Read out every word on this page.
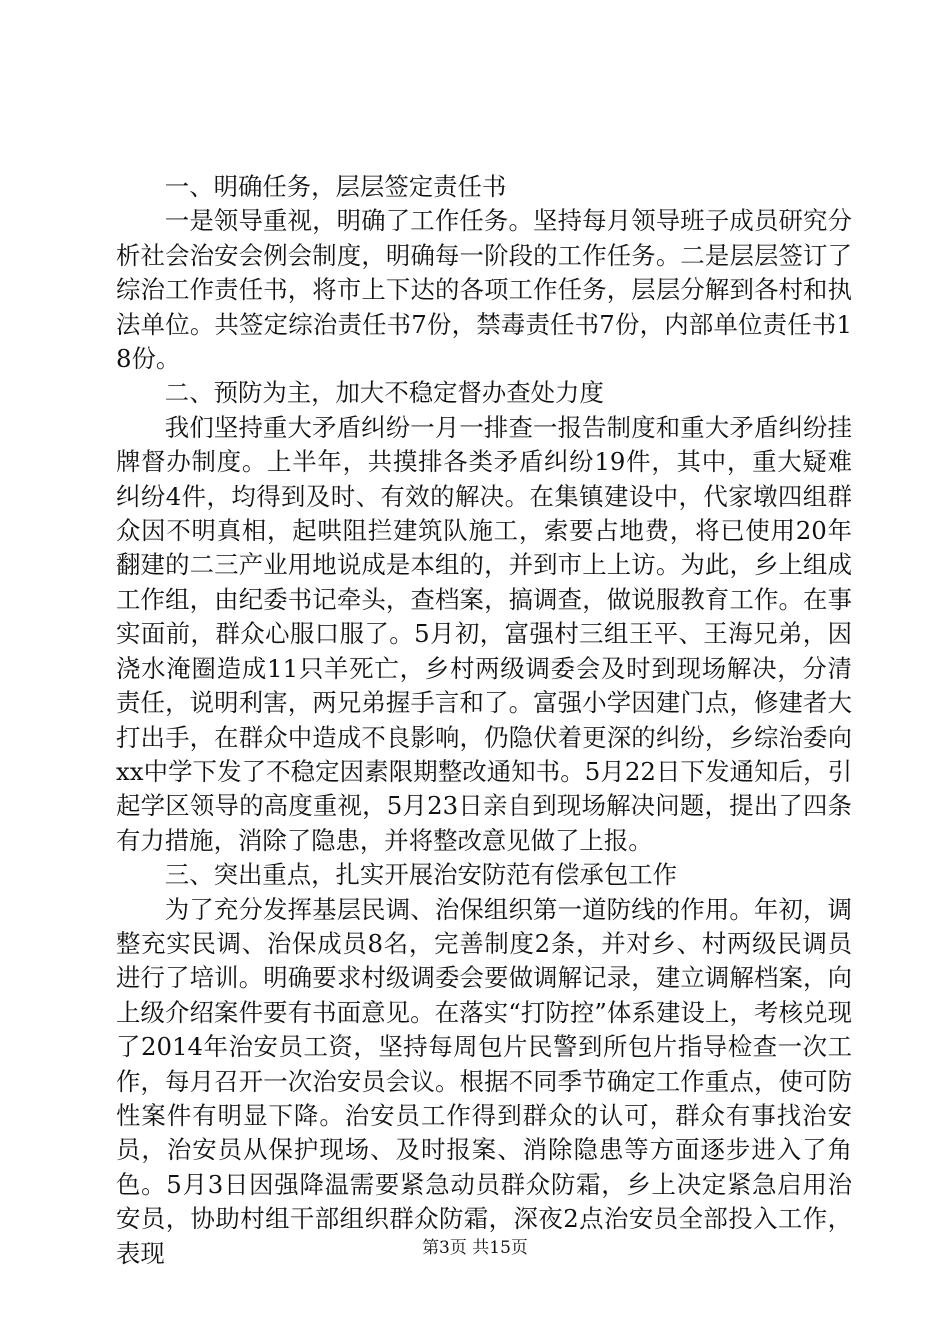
一、明确任务，层层签定责任书

一是领导重视，明确了工作任务。坚持每月领导班子成员研究分析社会治安会例会制度，明确每一阶段的工作任务。二是层层签订了综治工作责任书，将市上下达的各项工作任务，层层分解到各村和执法单位。共签定综治责任书7份，禁毒责任书7份，内部单位责任书18份。

二、预防为主，加大不稳定督办查处力度

我们坚持重大矛盾纠纷一月一排查一报告制度和重大矛盾纠纷挂牌督办制度。上半年，共摸排各类矛盾纠纷19件，其中，重大疑难纠纷4件，均得到及时、有效的解决。在集镇建设中，代家墩四组群众因不明真相，起哄阻拦建筑队施工，索要占地费，将已使用20年翻建的二三产业用地说成是本组的，并到市上上访。为此，乡上组成工作组，由纪委书记牵头，查档案，搞调查，做说服教育工作。在事实面前，群众心服口服了。5月初，富强村三组王平、王海兄弟，因浇水淹圈造成11只羊死亡，乡村两级调委会及时到现场解决，分清责任，说明利害，两兄弟握手言和了。富强小学因建门点，修建者大打出手，在群众中造成不良影响，仍隐伏着更深的纠纷，乡综治委向xx中学下发了不稳定因素限期整改通知书。5月22日下发通知后，引起学区领导的高度重视，5月23日亲自到现场解决问题，提出了四条有力措施，消除了隐患，并将整改意见做了上报。

三、突出重点，扎实开展治安防范有偿承包工作

为了充分发挥基层民调、治保组织第一道防线的作用。年初，调整充实民调、治保成员8名，完善制度2条，并对乡、村两级民调员进行了培训。明确要求村级调委会要做调解记录，建立调解档案，向上级介绍案件要有书面意见。在落实“打防控”体系建设上，考核兑现了2014年治安员工资，坚持每周包片民警到所包片指导检查一次工作，每月召开一次治安员会议。根据不同季节确定工作重点，使可防性案件有明显下降。治安员工作得到群众的认可，群众有事找治安员，治安员从保护现场、及时报案、消除隐患等方面逐步进入了角色。5月3日因强降温需要紧急动员群众防霜，乡上决定紧急启用治安员，协助村组干部组织群众防霜，深夜2点治安员全部投入工作，表现	第3页 共15页
